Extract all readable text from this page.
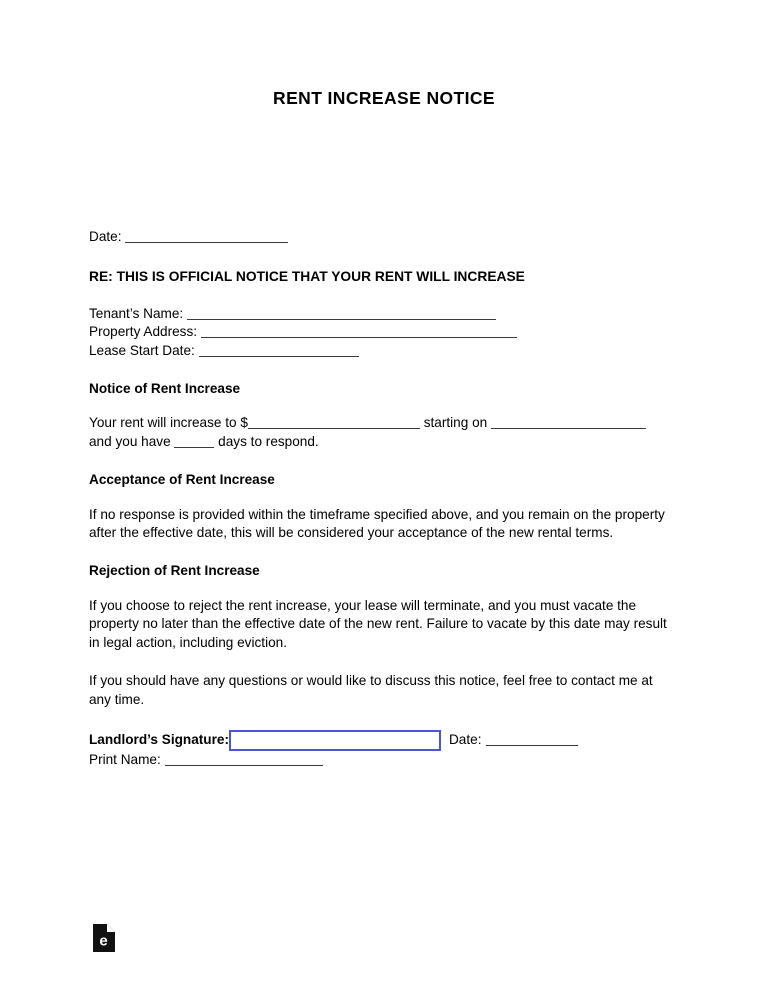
RENT INCREASE NOTICE
Date:
RE: THIS IS OFFICIAL NOTICE THAT YOUR RENT WILL INCREASE
Tenant’s Name:
Property Address:
Lease Start Date:
Notice of Rent Increase
Your rent will increase to $	starting on
and you have	days to respond.
Acceptance of Rent Increase
If no response is provided within the timeframe specified above, and you remain on the property after the effective date, this will be considered your acceptance of the new rental terms.
Rejection of Rent Increase
If you choose to reject the rent increase, your lease will terminate, and you must vacate the property no later than the effective date of the new rent. Failure to vacate by this date may result in legal action, including eviction.
If you should have any questions or would like to discuss this notice, feel free to contact me at any time.
Landlord’s Signature:	Date:
Print Name:
e
